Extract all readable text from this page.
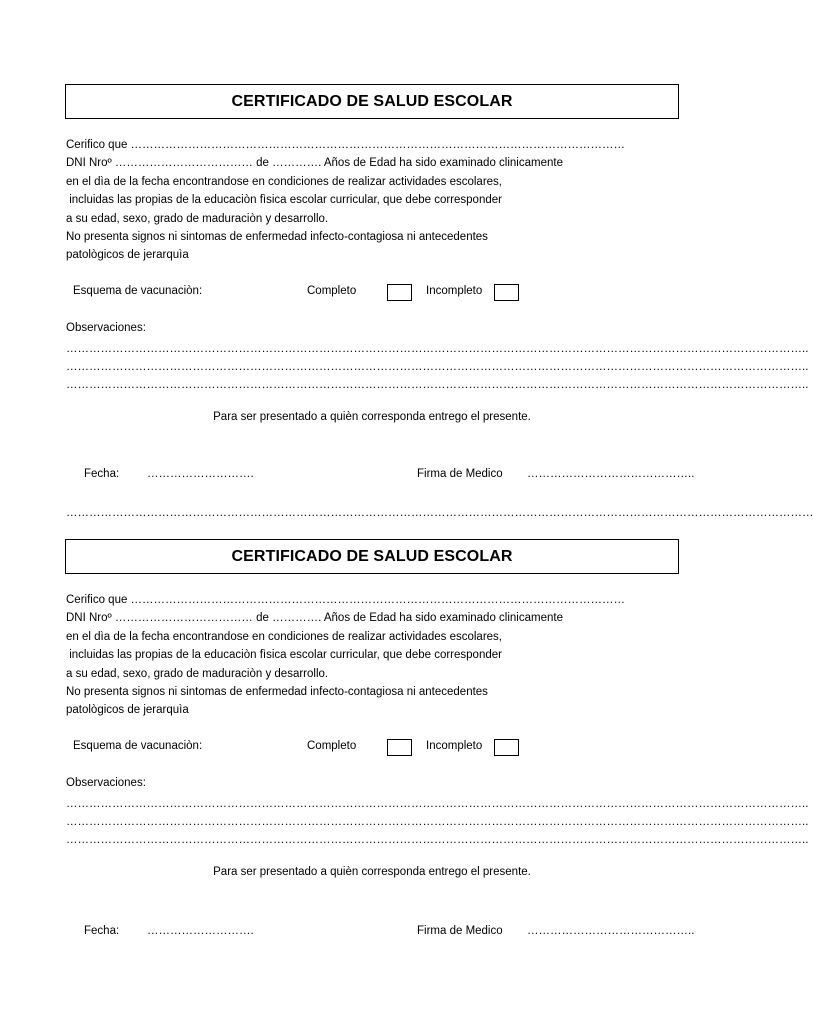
CERTIFICADO DE SALUD ESCOLAR
Cerifico que …………………………………………………………………………………………………………………
DNI Nroº ……………………………… de …………. Años de Edad ha sido examinado clinicamente
en el dìa de la fecha encontrandose en condiciones de realizar actividades escolares,
incluidas las propias de la educaciòn fìsica escolar curricular, que debe corresponder
a su edad, sexo, grado de maduraciòn y desarrollo.
No presenta signos ni sintomas de enfermedad infecto-contagiosa ni antecedentes
patològicos de jerarquìa
Esquema de vacunaciòn:	Completo	Incompleto
Observaciones:
…………………………………………………………………………………………………………………………………………………………………………..
…………………………………………………………………………………………………………………………………………………………………………..
…………………………………………………………………………………………………………………………………………………………………………..
Para ser presentado a quièn corresponda entrego el presente.
Fecha: ……………………….	Firma de Medico ……………………………………..
……………………………………………………………………………………………………………………………………………………………………………
CERTIFICADO DE SALUD ESCOLAR
Cerifico que …………………………………………………………………………………………………………………
DNI Nroº ……………………………… de …………. Años de Edad ha sido examinado clinicamente
en el dìa de la fecha encontrandose en condiciones de realizar actividades escolares,
incluidas las propias de la educaciòn fìsica escolar curricular, que debe corresponder
a su edad, sexo, grado de maduraciòn y desarrollo.
No presenta signos ni sintomas de enfermedad infecto-contagiosa ni antecedentes
patològicos de jerarquìa
Esquema de vacunaciòn:	Completo	Incompleto
Observaciones:
…………………………………………………………………………………………………………………………………………………………………………..
…………………………………………………………………………………………………………………………………………………………………………..
…………………………………………………………………………………………………………………………………………………………………………..
Para ser presentado a quièn corresponda entrego el presente.
Fecha: ……………………….	Firma de Medico ……………………………………..
